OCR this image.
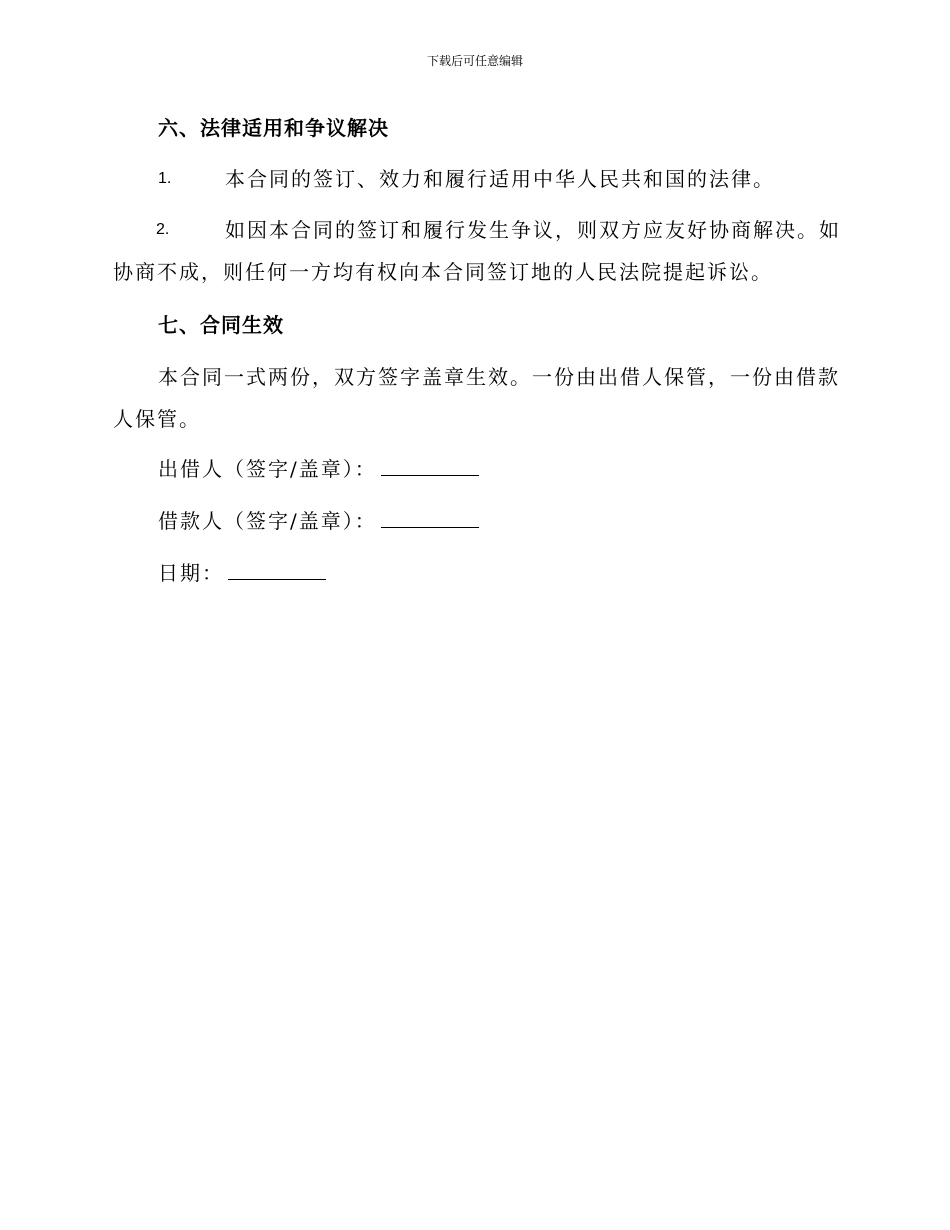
下载后可任意编辑
六、法律适用和争议解决
1.	本合同的签订、效力和履行适用中华人民共和国的法律。
2.	如因本合同的签订和履行发生争议，则双方应友好协商解决。如
协商不成，则任何一方均有权向本合同签订地的人民法院提起诉讼。
七、合同生效
本合同一式两份，双方签字盖章生效。一份由出借人保管，一份由借款
人保管。
出借人（签字/盖章）：
借款人（签字/盖章）：
日期：
